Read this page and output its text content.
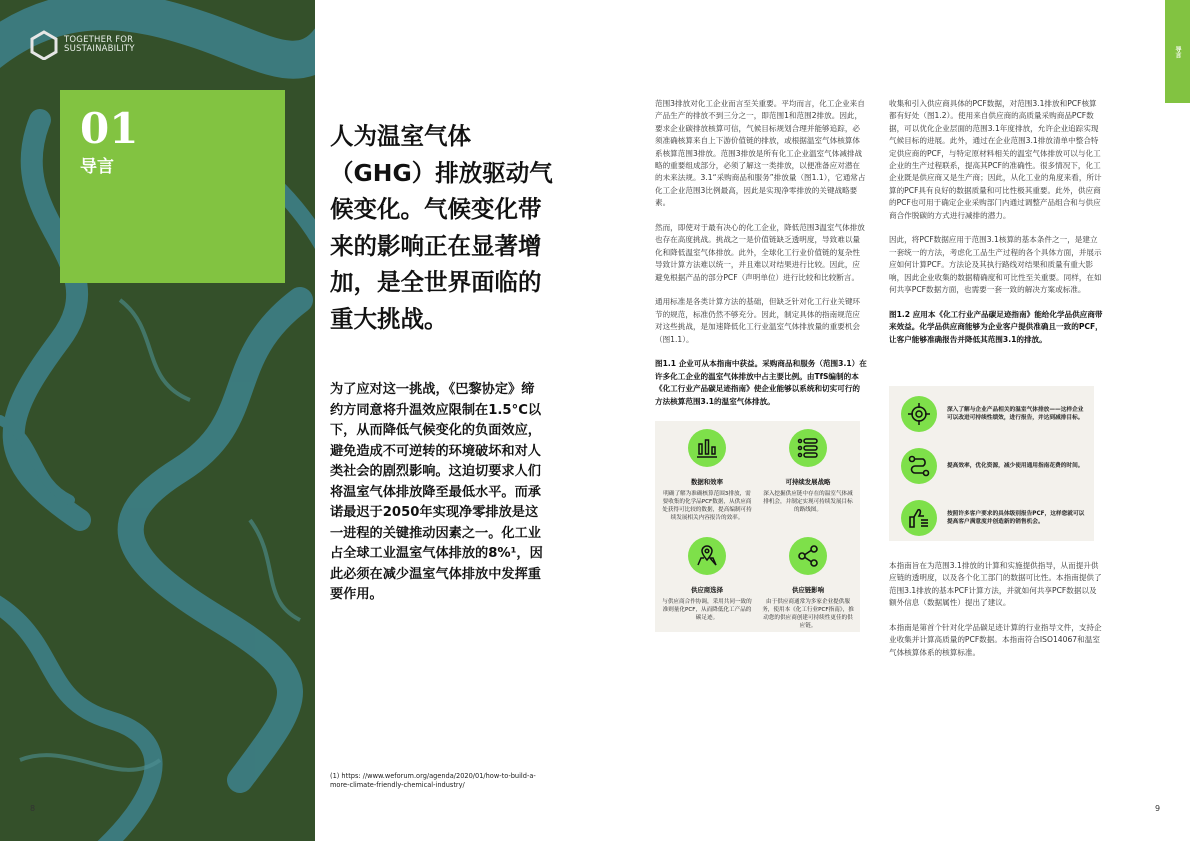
TOGETHER FOR
SUSTAINABILITY
01
导言
人为温室气体（GHG）排放驱动气候变化。气候变化带来的影响正在显著增加，是全世界面临的重大挑战。
为了应对这一挑战，《巴黎协定》缔约方同意将升温效应限制在1.5°C以下，从而降低气候变化的负面效应，避免造成不可逆转的环境破坏和对人类社会的剧烈影响。这迫切要求人们将温室气体排放降至最低水平。而承诺最迟于2050年实现净零排放是这一进程的关键推动因素之一。化工业占全球工业温室气体排放的8%¹，因此必须在减少温室气体排放中发挥重要作用。
(1) https: //www.weforum.org/agenda/2020/01/how-to-build-a-more-climate-friendly-chemical-industry/
8
导言

范围3排放对化工企业而言至关重要。平均而言，化工企业来自产品生产的排放不到三分之一，即范围1和范围2排放。因此，要求企业碳排放核算可信，气候目标规划合理并能够追踪，必须准确核算来自上下游价值链的排放，或根据温室气体核算体系核算范围3排放。范围3排放是所有化工企业温室气体减排战略的重要组成部分，必须了解这一类排放，以便准备应对潜在的未来法规。3.1“采购商品和服务”排放量（图1.1），它通常占化工企业范围3比例最高，因此是实现净零排放的关键战略要素。

然而，即使对于最有决心的化工企业，降低范围3温室气体排放也存在高度挑战。挑战之一是价值链缺乏透明度，导致难以量化和降低温室气体排放。此外，全球化工行业价值链的复杂性导致计算方法难以统一，并且难以对结果进行比较。因此，应避免根据产品的部分PCF（声明单位）进行比较和比较断言。

通用标准是各类计算方法的基础，但缺乏针对化工行业关键环节的规范，标准仍然不够充分。因此，制定具体的指南规范应对这些挑战，是加速降低化工行业温室气体排放量的重要机会（图1.1）。

图1.1 企业可从本指南中获益。采购商品和服务（范围3.1）在许多化工企业的温室气体排放中占主要比例。由TfS编制的本《化工行业产品碳足迹指南》使企业能够以系统和切实可行的方法核算范围3.1的温室气体排放。

数据和效率
明确了解为准确核算范围3排放，需要收集的化学品PCF数据，从供应商处获得可比较的数据，提高编制可持续发展相关内容报告的效率。
可持续发展战略
深入挖掘供应链中存在的温室气体减排机会，并制定实现可持续发展目标的路线图。
供应商选择
与供应商合作协调，采用共同一致的准则量化PCF，从而降低化工产品的碳足迹。
供应链影响
由于供应商通常为多家企业提供服务，使用本《化工行业PCF指南》，推动您的供应商创建可持续性更佳的供应链。

收集和引入供应商具体的PCF数据，对范围3.1排放和PCF核算都有好处（图1.2）。使用来自供应商的高质量采购商品PCF数据，可以优化企业层面的范围3.1年度排放，允许企业追踪实现气候目标的进展。此外，通过在企业范围3.1排放清单中整合特定供应商的PCF，与特定原材料相关的温室气体排放可以与化工企业的生产过程联系，提高其PCF的准确性。很多情况下，化工企业既是供应商又是生产商；因此，从化工业的角度来看，所计算的PCF具有良好的数据质量和可比性极其重要。此外，供应商的PCF也可用于确定企业采购部门内通过调整产品组合和与供应商合作脱碳的方式进行减排的潜力。

因此，将PCF数据应用于范围3.1核算的基本条件之一，是建立一套统一的方法，考虑化工品生产过程的各个具体方面，并展示应如何计算PCF。方法论及其执行路线对结果和质量有重大影响，因此企业收集的数据精确度和可比性至关重要。同样，在如何共享PCF数据方面，也需要一套一致的解决方案或标准。

图1.2 应用本《化工行业产品碳足迹指南》能给化学品供应商带来效益。化学品供应商能够为企业客户提供准确且一致的PCF，让客户能够准确报告并降低其范围3.1的排放。

深入了解与企业产品相关的温室气体排放——这样企业可以改进可持续性绩效，进行报告，并达到减排目标。
提高效率，优化资源，减少使用通用指南花费的时间。
按照许多客户要求的具体级别报告PCF，这样您就可以提高客户满意度并创造新的销售机会。

本指南旨在为范围3.1排放的计算和实施提供指导，从而提升供应链的透明度，以及各个化工部门的数据可比性。本指南提供了范围3.1排放的基本PCF计算方法，并就如何共享PCF数据以及额外信息（数据属性）提出了建议。

本指南是第首个针对化学品碳足迹计算的行业指导文件，支持企业收集并计算高质量的PCF数据。本指南符合ISO14067和温室气体核算体系的核算标准。

9
